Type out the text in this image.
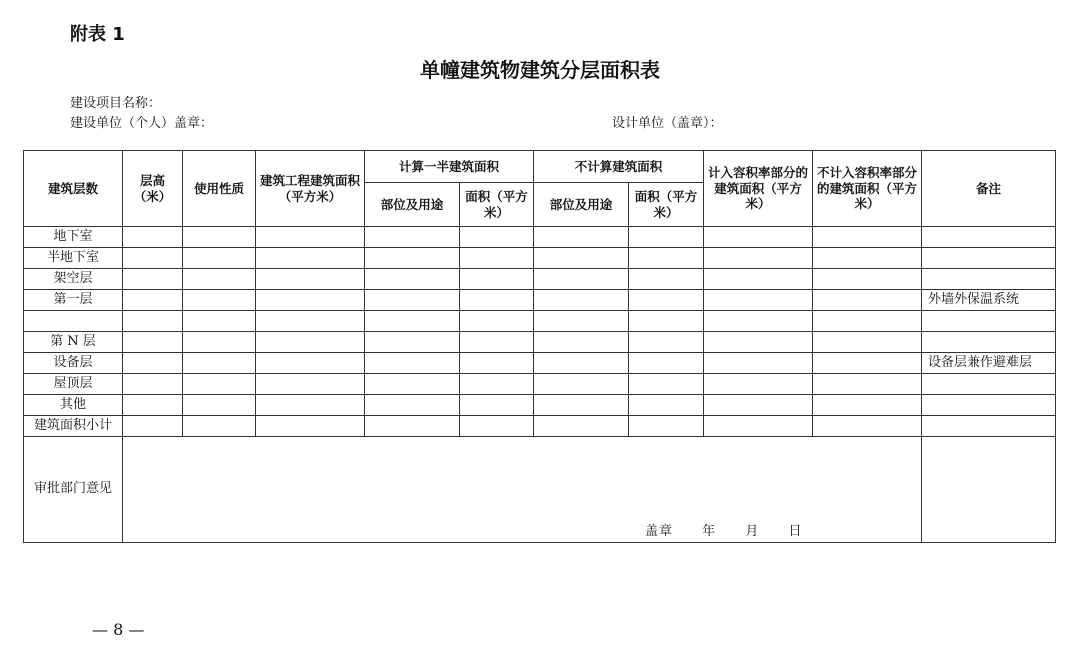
附表 1
单幢建筑物建筑分层面积表
建设项目名称：
建设单位（个人）盖章：	设计单位（盖章）：
建筑层数	层高（米）	使用性质	建筑工程建筑面积（平方米）	计算一半建筑面积		不计算建筑面积		计入容积率部分的建筑面积（平方米）	不计入容积率部分的建筑面积（平方米）	备注
				部位及用途	面积（平方米）	部位及用途	面积（平方米）			
地下室										
半地下室										
架空层										
第一层										外墙外保温系统

第 N 层										
设备层										设备层兼作避难层
屋顶层										
其他										
建筑面积小计										
审批部门意见	盖章 年 月 日									

— 8 —
